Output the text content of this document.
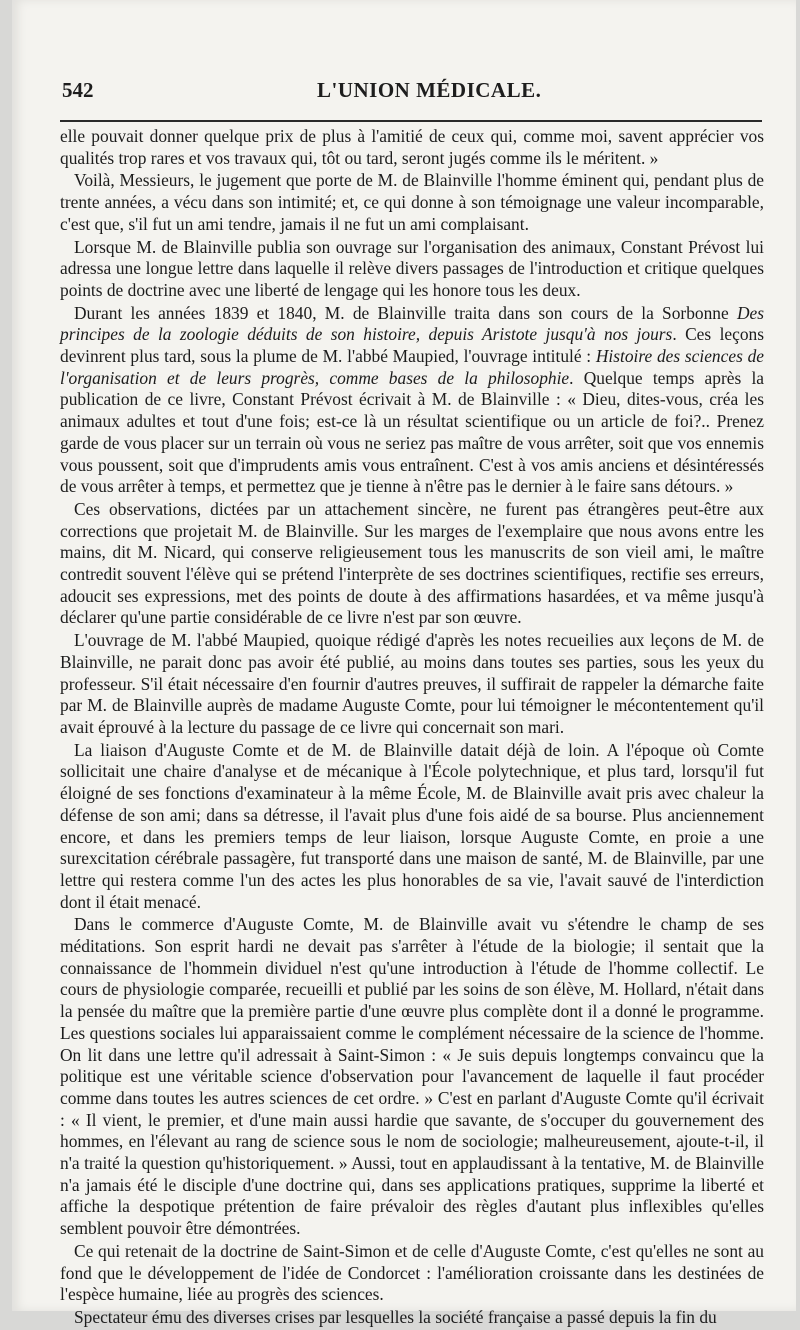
542	L'UNION MÉDICALE.

elle pouvait donner quelque prix de plus à l'amitié de ceux qui, comme moi, savent apprécier vos qualités trop rares et vos travaux qui, tôt ou tard, seront jugés comme ils le méritent. »

Voilà, Messieurs, le jugement que porte de M. de Blainville l'homme éminent qui, pendant plus de trente années, a vécu dans son intimité; et, ce qui donne à son témoignage une valeur incomparable, c'est que, s'il fut un ami tendre, jamais il ne fut un ami complaisant.

Lorsque M. de Blainville publia son ouvrage sur l'organisation des animaux, Constant Prévost lui adressa une longue lettre dans laquelle il relève divers passages de l'introduction et critique quelques points de doctrine avec une liberté de lengage qui les honore tous les deux.

Durant les années 1839 et 1840, M. de Blainville traita dans son cours de la Sorbonne Des principes de la zoologie déduits de son histoire, depuis Aristote jusqu'à nos jours. Ces leçons devinrent plus tard, sous la plume de M. l'abbé Maupied, l'ouvrage intitulé : Histoire des sciences de l'organisation et de leurs progrès, comme bases de la philosophie. Quelque temps après la publication de ce livre, Constant Prévost écrivait à M. de Blainville : « Dieu, dites-vous, créa les animaux adultes et tout d'une fois; est-ce là un résultat scientifique ou un article de foi?.. Prenez garde de vous placer sur un terrain où vous ne seriez pas maître de vous arrêter, soit que vos ennemis vous poussent, soit que d'imprudents amis vous entraînent. C'est à vos amis anciens et désintéressés de vous arrêter à temps, et permettez que je tienne à n'être pas le dernier à le faire sans détours. »

Ces observations, dictées par un attachement sincère, ne furent pas étrangères peut-être aux corrections que projetait M. de Blainville. Sur les marges de l'exemplaire que nous avons entre les mains, dit M. Nicard, qui conserve religieusement tous les manuscrits de son vieil ami, le maître contredit souvent l'élève qui se prétend l'interprète de ses doctrines scientifiques, rectifie ses erreurs, adoucit ses expressions, met des points de doute à des affirmations hasardées, et va même jusqu'à déclarer qu'une partie considérable de ce livre n'est par son œuvre.

L'ouvrage de M. l'abbé Maupied, quoique rédigé d'après les notes recueilies aux leçons de M. de Blainville, ne parait donc pas avoir été publié, au moins dans toutes ses parties, sous les yeux du professeur. S'il était nécessaire d'en fournir d'autres preuves, il suffirait de rappeler la démarche faite par M. de Blainville auprès de madame Auguste Comte, pour lui témoigner le mécontentement qu'il avait éprouvé à la lecture du passage de ce livre qui concernait son mari.

La liaison d'Auguste Comte et de M. de Blainville datait déjà de loin. A l'époque où Comte sollicitait une chaire d'analyse et de mécanique à l'École polytechnique, et plus tard, lorsqu'il fut éloigné de ses fonctions d'examinateur à la même École, M. de Blainville avait pris avec chaleur la défense de son ami; dans sa détresse, il l'avait plus d'une fois aidé de sa bourse. Plus anciennement encore, et dans les premiers temps de leur liaison, lorsque Auguste Comte, en proie a une surexcitation cérébrale passagère, fut transporté dans une maison de santé, M. de Blainville, par une lettre qui restera comme l'un des actes les plus honorables de sa vie, l'avait sauvé de l'interdiction dont il était menacé.

Dans le commerce d'Auguste Comte, M. de Blainville avait vu s'étendre le champ de ses méditations. Son esprit hardi ne devait pas s'arrêter à l'étude de la biologie; il sentait que la connaissance de l'hommein dividuel n'est qu'une introduction à l'étude de l'homme collectif. Le cours de physiologie comparée, recueilli et publié par les soins de son élève, M. Hollard, n'était dans la pensée du maître que la première partie d'une œuvre plus complète dont il a donné le programme. Les questions sociales lui apparaissaient comme le complément nécessaire de la science de l'homme. On lit dans une lettre qu'il adressait à Saint-Simon : « Je suis depuis longtemps convaincu que la politique est une véritable science d'observation pour l'avancement de laquelle il faut procéder comme dans toutes les autres sciences de cet ordre. » C'est en parlant d'Auguste Comte qu'il écrivait : « Il vient, le premier, et d'une main aussi hardie que savante, de s'occuper du gouvernement des hommes, en l'élevant au rang de science sous le nom de sociologie; malheureusement, ajoute-t-il, il n'a traité la question qu'historiquement. » Aussi, tout en applaudissant à la tentative, M. de Blainville n'a jamais été le disciple d'une doctrine qui, dans ses applications pratiques, supprime la liberté et affiche la despotique prétention de faire prévaloir des règles d'autant plus inflexibles qu'elles semblent pouvoir être démontrées.

Ce qui retenait de la doctrine de Saint-Simon et de celle d'Auguste Comte, c'est qu'elles ne sont au fond que le développement de l'idée de Condorcet : l'amélioration croissante dans les destinées de l'espèce humaine, liée au progrès des sciences.

Spectateur ému des diverses crises par lesquelles la société française a passé depuis la fin du
